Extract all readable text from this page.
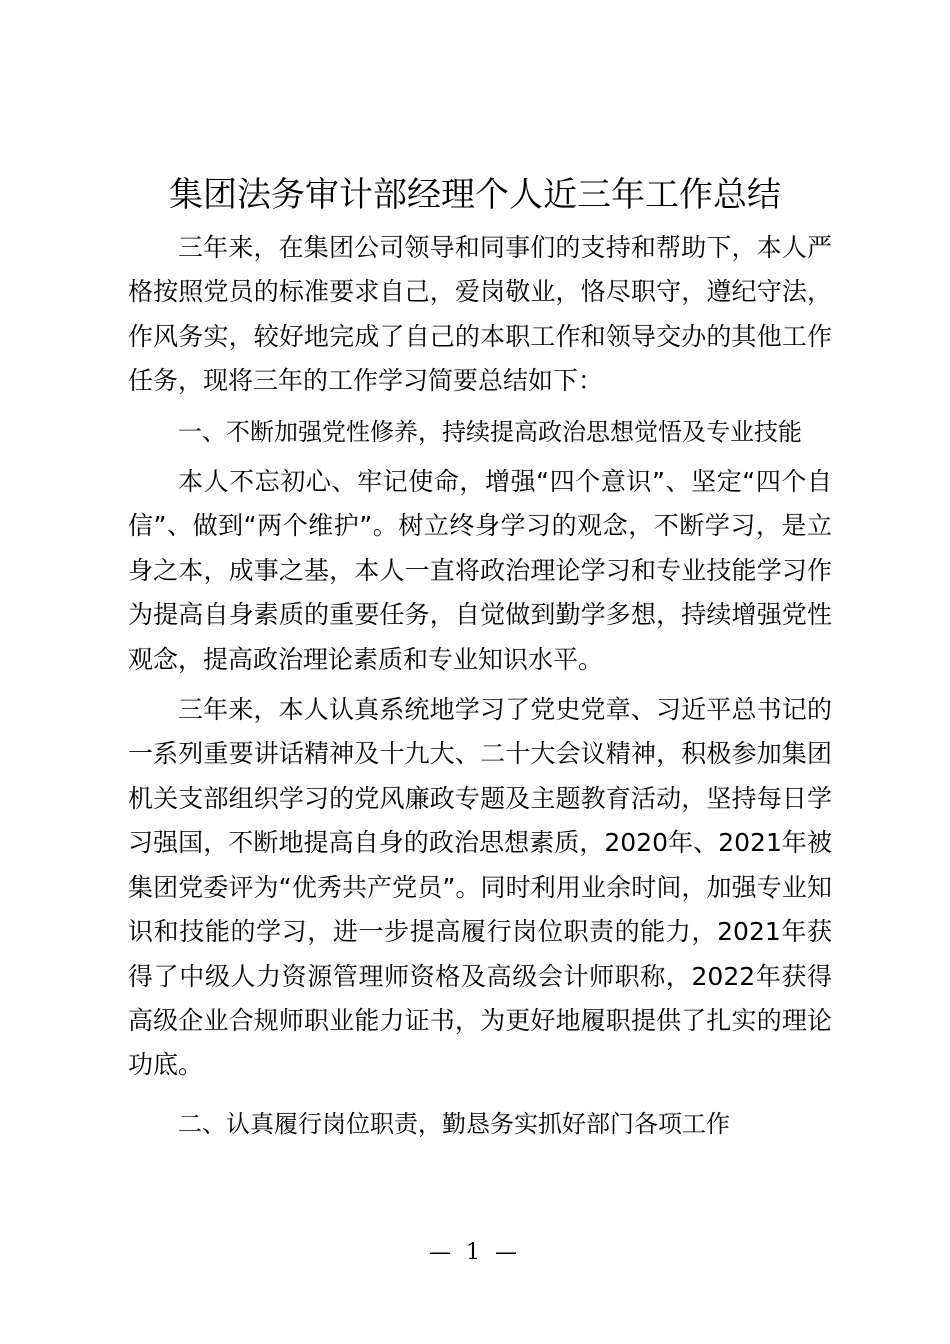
集团法务审计部经理个人近三年工作总结

三年来，在集团公司领导和同事们的支持和帮助下，本人严格按照党员的标准要求自己，爱岗敬业，恪尽职守，遵纪守法，作风务实，较好地完成了自己的本职工作和领导交办的其他工作任务，现将三年的工作学习简要总结如下：

一、不断加强党性修养，持续提高政治思想觉悟及专业技能

本人不忘初心、牢记使命，增强“四个意识”、坚定“四个自信”、做到“两个维护”。树立终身学习的观念，不断学习，是立身之本，成事之基，本人一直将政治理论学习和专业技能学习作为提高自身素质的重要任务，自觉做到勤学多想，持续增强党性观念，提高政治理论素质和专业知识水平。

三年来，本人认真系统地学习了党史党章、习近平总书记的一系列重要讲话精神及十九大、二十大会议精神，积极参加集团机关支部组织学习的党风廉政专题及主题教育活动，坚持每日学习强国，不断地提高自身的政治思想素质，2020年、2021年被集团党委评为“优秀共产党员”。同时利用业余时间，加强专业知识和技能的学习，进一步提高履行岗位职责的能力，2021年获得了中级人力资源管理师资格及高级会计师职称，2022年获得高级企业合规师职业能力证书，为更好地履职提供了扎实的理论功底。

二、认真履行岗位职责，勤恳务实抓好部门各项工作

— 1 —
